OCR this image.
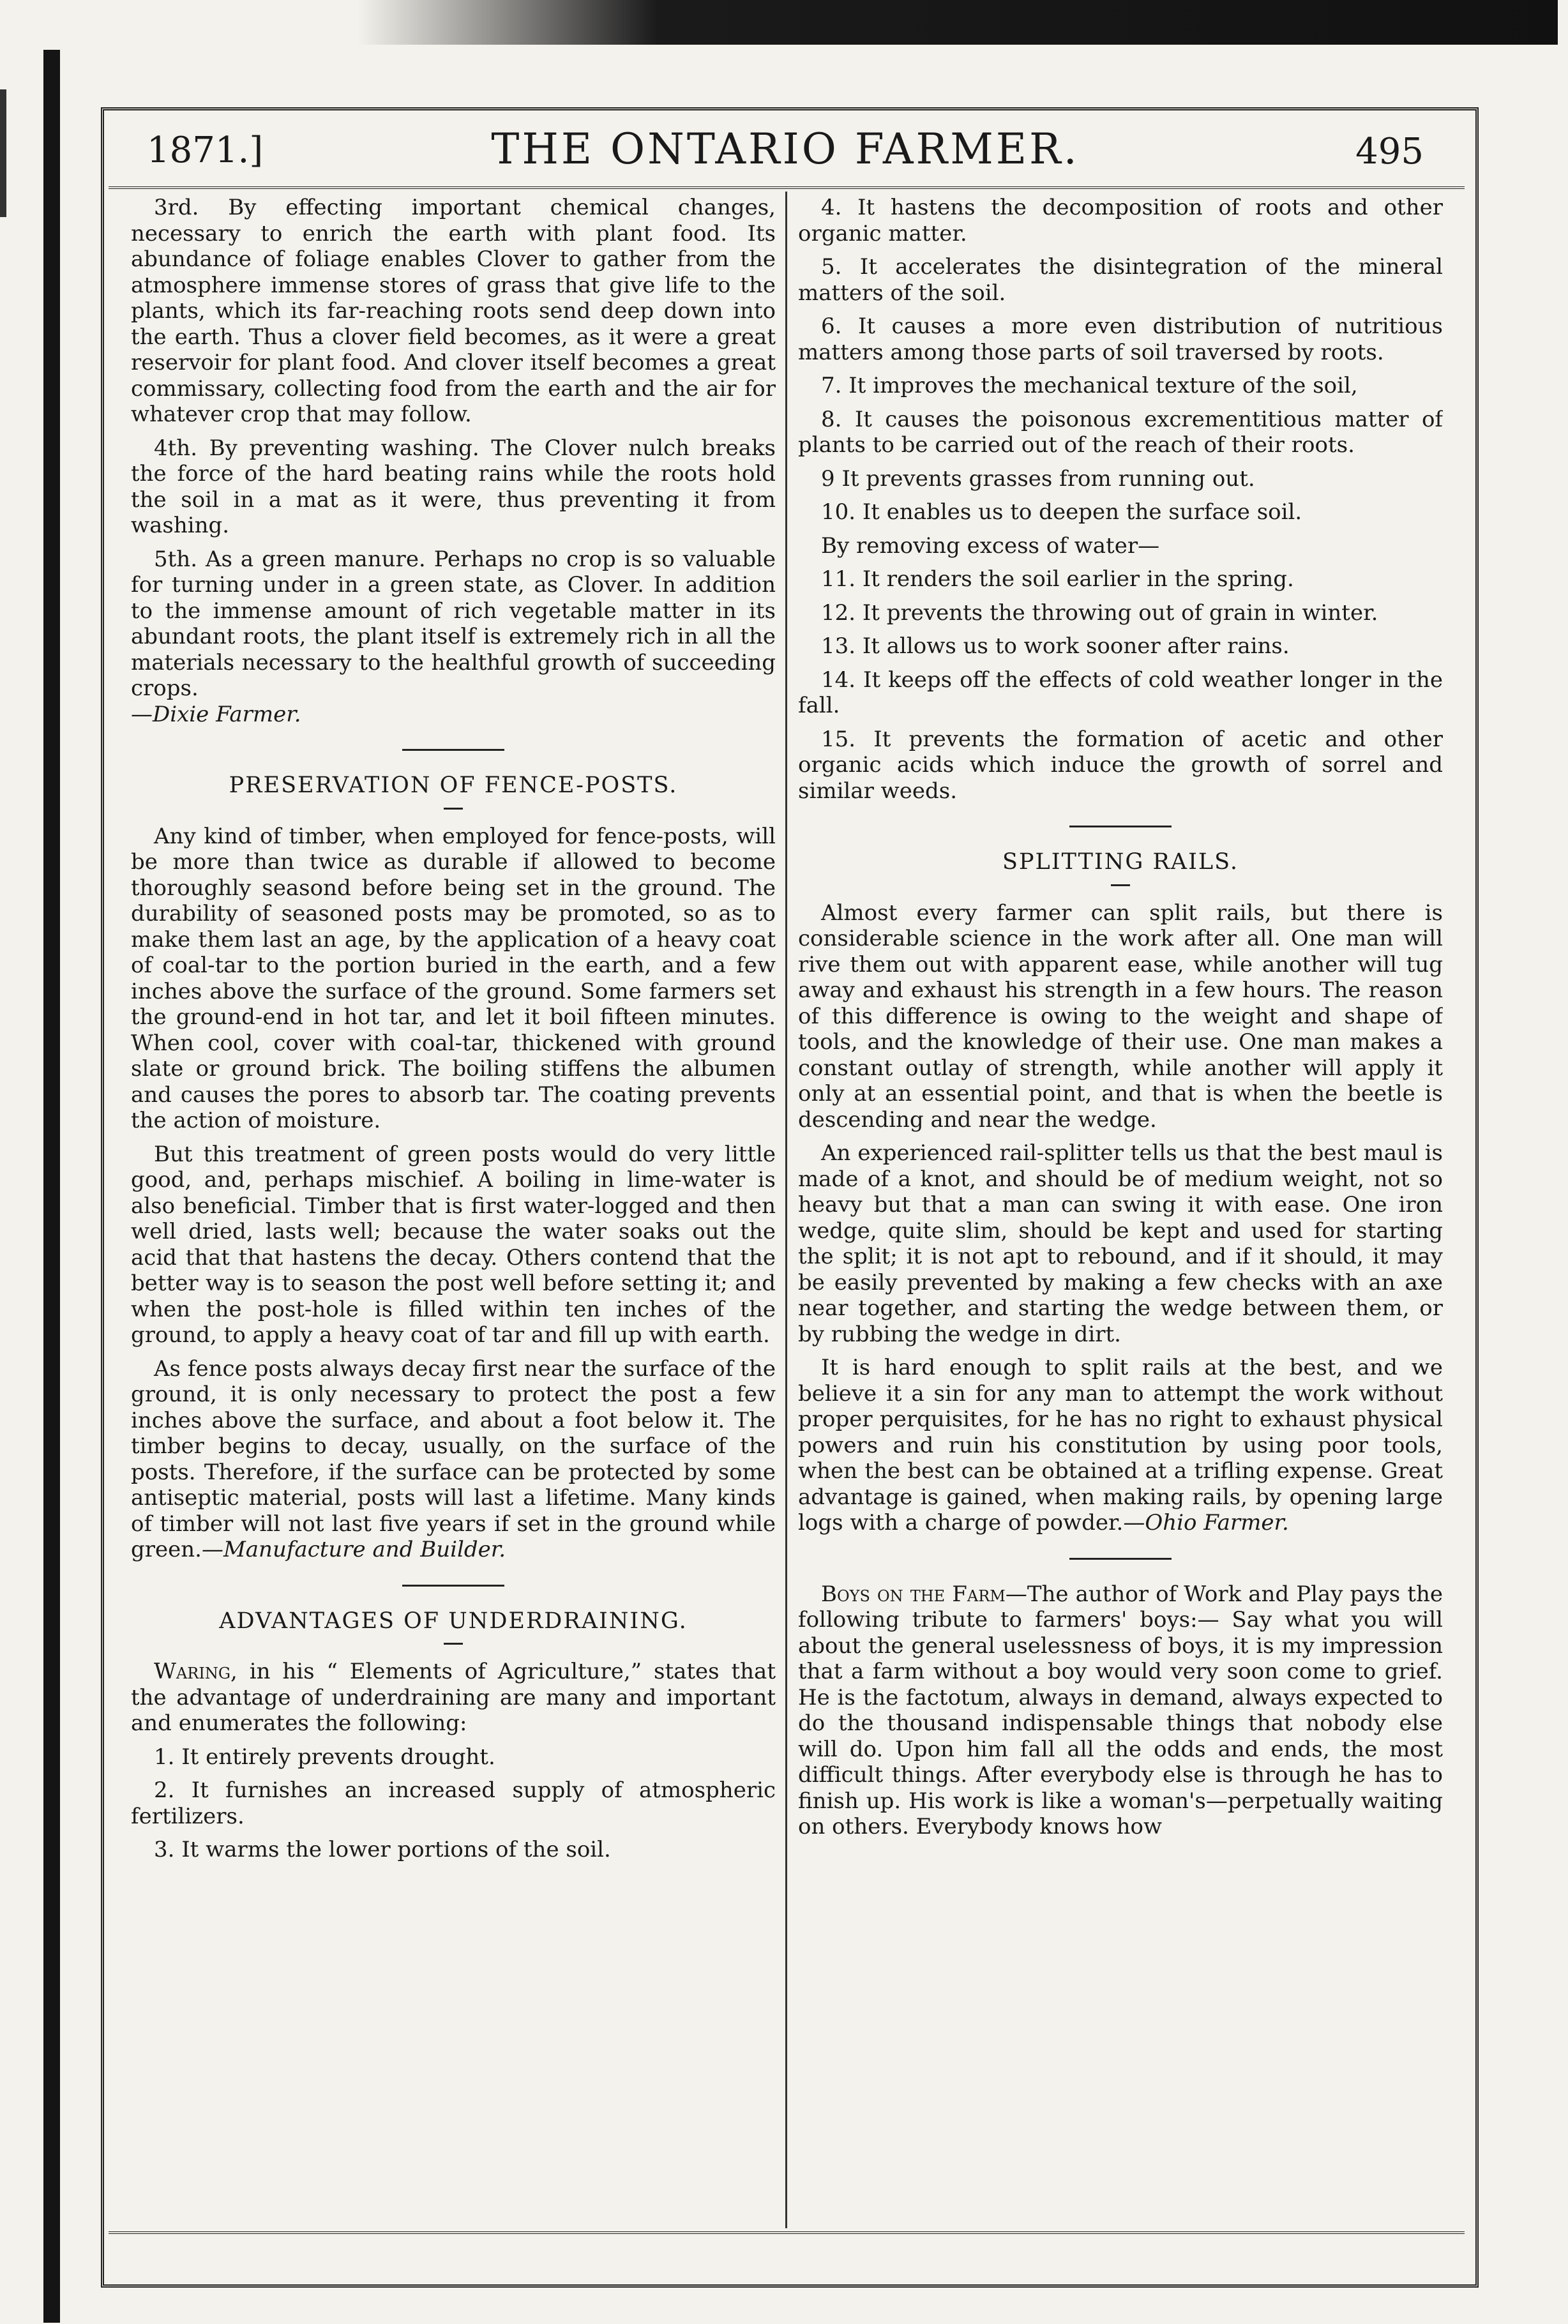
1871.]	THE ONTARIO FARMER.	495

3rd. By effecting important chemical changes, necessary to enrich the earth with plant food. Its abundance of foliage enables Clover to gather from the atmosphere immense stores of grass that give life to the plants, which its far-reaching roots send deep down into the earth. Thus a clover field becomes, as it were a great reservoir for plant food. And clover itself becomes a great commissary, collecting food from the earth and the air for whatever crop that may follow.

4th. By preventing washing. The Clover nulch breaks the force of the hard beating rains while the roots hold the soil in a mat as it were, thus preventing it from washing.

5th. As a green manure. Perhaps no crop is so valuable for turning under in a green state, as Clover. In addition to the immense amount of rich vegetable matter in its abundant roots, the plant itself is extremely rich in all the materials necessary to the healthful growth of succeeding crops.
—Dixie Farmer.

PRESERVATION OF FENCE-POSTS.

Any kind of timber, when employed for fence-posts, will be more than twice as durable if allowed to become thoroughly seasond before being set in the ground. The durability of seasoned posts may be promoted, so as to make them last an age, by the application of a heavy coat of coal-tar to the portion buried in the earth, and a few inches above the surface of the ground. Some farmers set the ground-end in hot tar, and let it boil fifteen minutes. When cool, cover with coal-tar, thickened with ground slate or ground brick. The boiling stiffens the albumen and causes the pores to absorb tar. The coating prevents the action of moisture.

But this treatment of green posts would do very little good, and, perhaps mischief. A boiling in lime-water is also beneficial. Timber that is first water-logged and then well dried, lasts well; because the water soaks out the acid that that hastens the decay. Others contend that the better way is to season the post well before setting it; and when the post-hole is filled within ten inches of the ground, to apply a heavy coat of tar and fill up with earth.

As fence posts always decay first near the surface of the ground, it is only necessary to protect the post a few inches above the surface, and about a foot below it. The timber begins to decay, usually, on the surface of the posts. Therefore, if the surface can be protected by some antiseptic material, posts will last a lifetime. Many kinds of timber will not last five years if set in the ground while green.—Manufacture and Builder.

ADVANTAGES OF UNDERDRAINING.

Waring, in his “ Elements of Agriculture,” states that the advantage of underdraining are many and important and enumerates the following:

1. It entirely prevents drought.

2. It furnishes an increased supply of atmospheric fertilizers.

3. It warms the lower portions of the soil.

4. It hastens the decomposition of roots and other organic matter.

5. It accelerates the disintegration of the mineral matters of the soil.

6. It causes a more even distribution of nutritious matters among those parts of soil traversed by roots.

7. It improves the mechanical texture of the soil,

8. It causes the poisonous excrementitious matter of plants to be carried out of the reach of their roots.

9 It prevents grasses from running out.

10. It enables us to deepen the surface soil.

By removing excess of water—

11. It renders the soil earlier in the spring.

12. It prevents the throwing out of grain in winter.

13. It allows us to work sooner after rains.

14. It keeps off the effects of cold weather longer in the fall.

15. It prevents the formation of acetic and other organic acids which induce the growth of sorrel and similar weeds.

SPLITTING RAILS.

Almost every farmer can split rails, but there is considerable science in the work after all. One man will rive them out with apparent ease, while another will tug away and exhaust his strength in a few hours. The reason of this difference is owing to the weight and shape of tools, and the knowledge of their use. One man makes a constant outlay of strength, while another will apply it only at an essential point, and that is when the beetle is descending and near the wedge.

An experienced rail-splitter tells us that the best maul is made of a knot, and should be of medium weight, not so heavy but that a man can swing it with ease. One iron wedge, quite slim, should be kept and used for starting the split; it is not apt to rebound, and if it should, it may be easily prevented by making a few checks with an axe near together, and starting the wedge between them, or by rubbing the wedge in dirt.

It is hard enough to split rails at the best, and we believe it a sin for any man to attempt the work without proper perquisites, for he has no right to exhaust physical powers and ruin his constitution by using poor tools, when the best can be obtained at a trifling expense. Great advantage is gained, when making rails, by opening large logs with a charge of powder.—Ohio Farmer.

Boys on the Farm—The author of Work and Play pays the following tribute to farmers' boys:— Say what you will about the general uselessness of boys, it is my impression that a farm without a boy would very soon come to grief. He is the factotum, always in demand, always expected to do the thousand indispensable things that nobody else will do. Upon him fall all the odds and ends, the most difficult things. After everybody else is through he has to finish up. His work is like a woman's—perpetually waiting on others. Everybody knows how
